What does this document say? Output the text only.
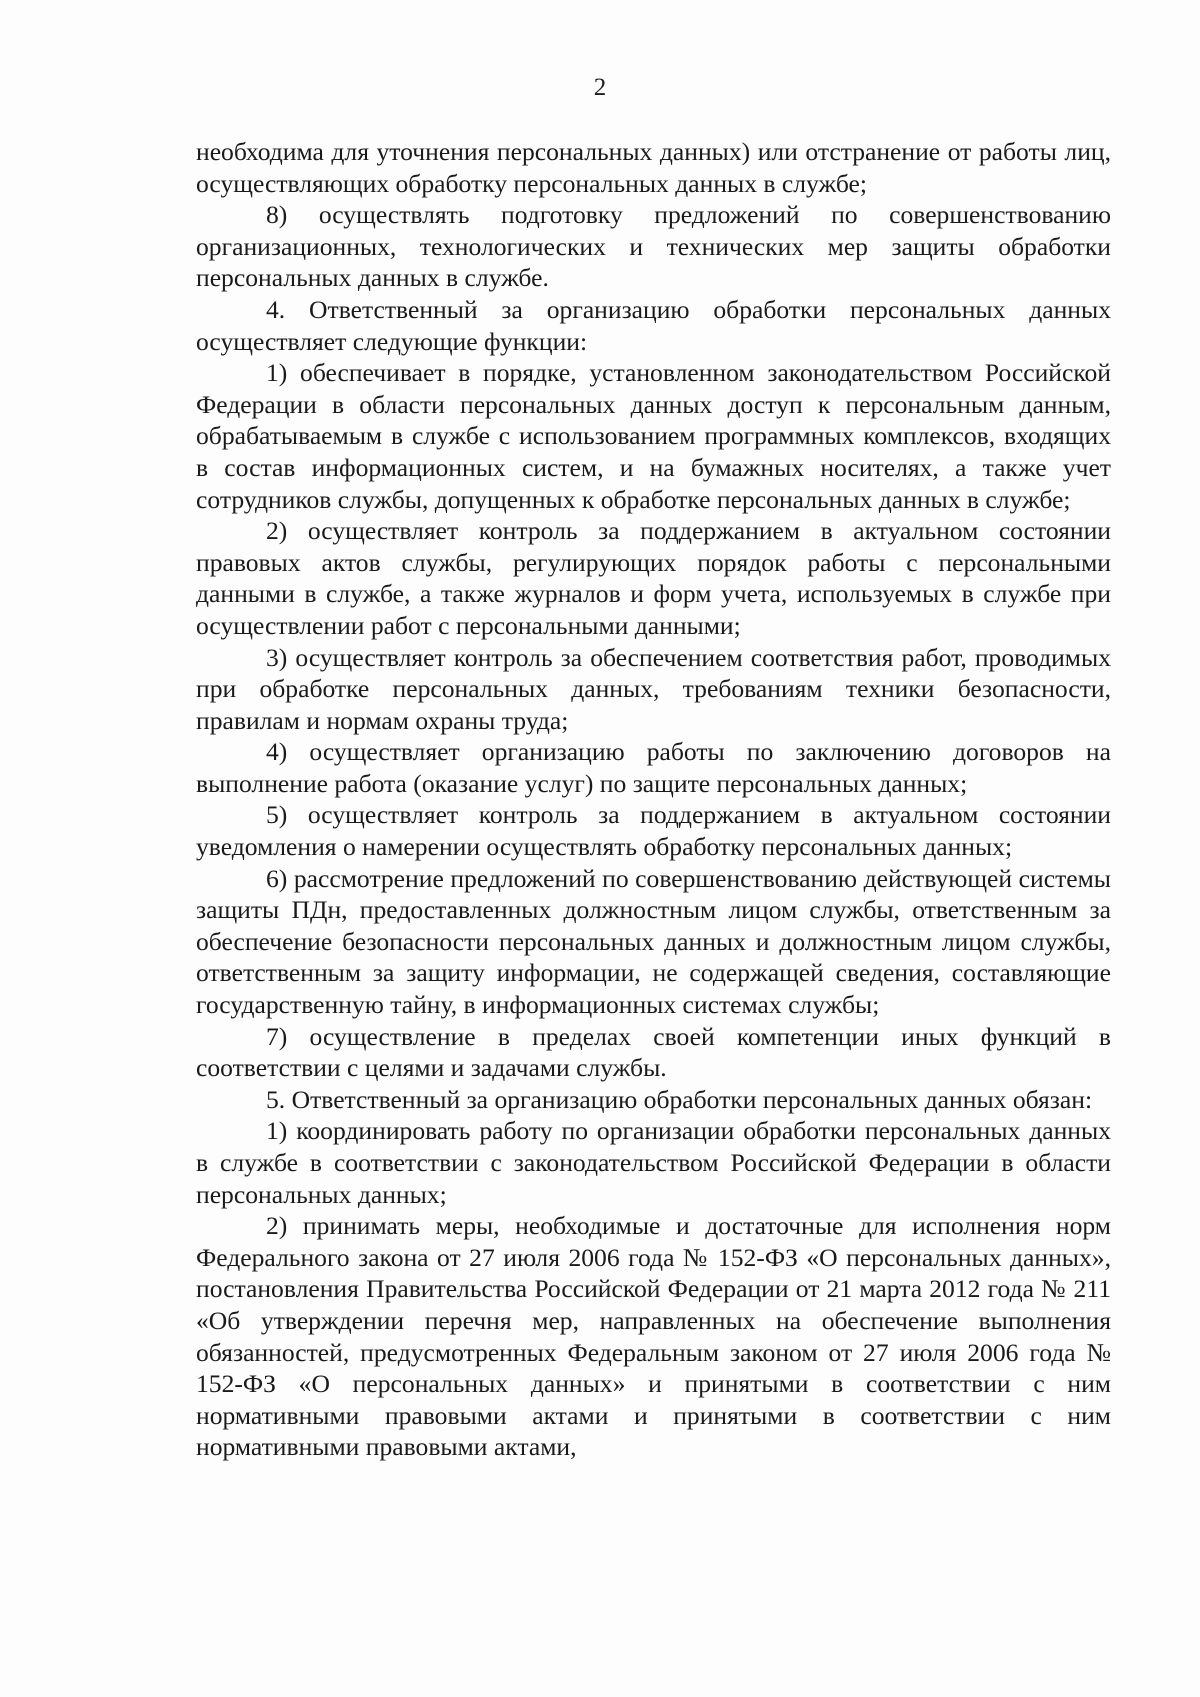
2

необходима для уточнения персональных данных) или отстранение от работы лиц, осуществляющих обработку персональных данных в службе;

8) осуществлять подготовку предложений по совершенствованию организационных, технологических и технических мер защиты обработки персональных данных в службе.

4. Ответственный за организацию обработки персональных данных осуществляет следующие функции:

1) обеспечивает в порядке, установленном законодательством Российской Федерации в области персональных данных доступ к персональным данным, обрабатываемым в службе с использованием программных комплексов, входящих в состав информационных систем, и на бумажных носителях, а также учет сотрудников службы, допущенных к обработке персональных данных в службе;

2) осуществляет контроль за поддержанием в актуальном состоянии правовых актов службы, регулирующих порядок работы с персональными данными в службе, а также журналов и форм учета, используемых в службе при осуществлении работ с персональными данными;

3) осуществляет контроль за обеспечением соответствия работ, проводимых при обработке персональных данных, требованиям техники безопасности, правилам и нормам охраны труда;

4) осуществляет организацию работы по заключению договоров на выполнение работа (оказание услуг) по защите персональных данных;

5) осуществляет контроль за поддержанием в актуальном состоянии уведомления о намерении осуществлять обработку персональных данных;

6) рассмотрение предложений по совершенствованию действующей системы защиты ПДн, предоставленных должностным лицом службы, ответственным за обеспечение безопасности персональных данных и должностным лицом службы, ответственным за защиту информации, не содержащей сведения, составляющие государственную тайну, в информационных системах службы;

7) осуществление в пределах своей компетенции иных функций в соответствии с целями и задачами службы.

5. Ответственный за организацию обработки персональных данных обязан:

1) координировать работу по организации обработки персональных данных в службе в соответствии с законодательством Российской Федерации в области персональных данных;

2) принимать меры, необходимые и достаточные для исполнения норм Федерального закона от 27 июля 2006 года № 152-ФЗ «О персональных данных», постановления Правительства Российской Федерации от 21 марта 2012 года № 211 «Об утверждении перечня мер, направленных на обеспечение выполнения обязанностей, предусмотренных Федеральным законом от 27 июля 2006 года № 152-ФЗ «О персональных данных» и принятыми в соответствии с ним нормативными правовыми актами и принятыми в соответствии с ним нормативными правовыми актами,
